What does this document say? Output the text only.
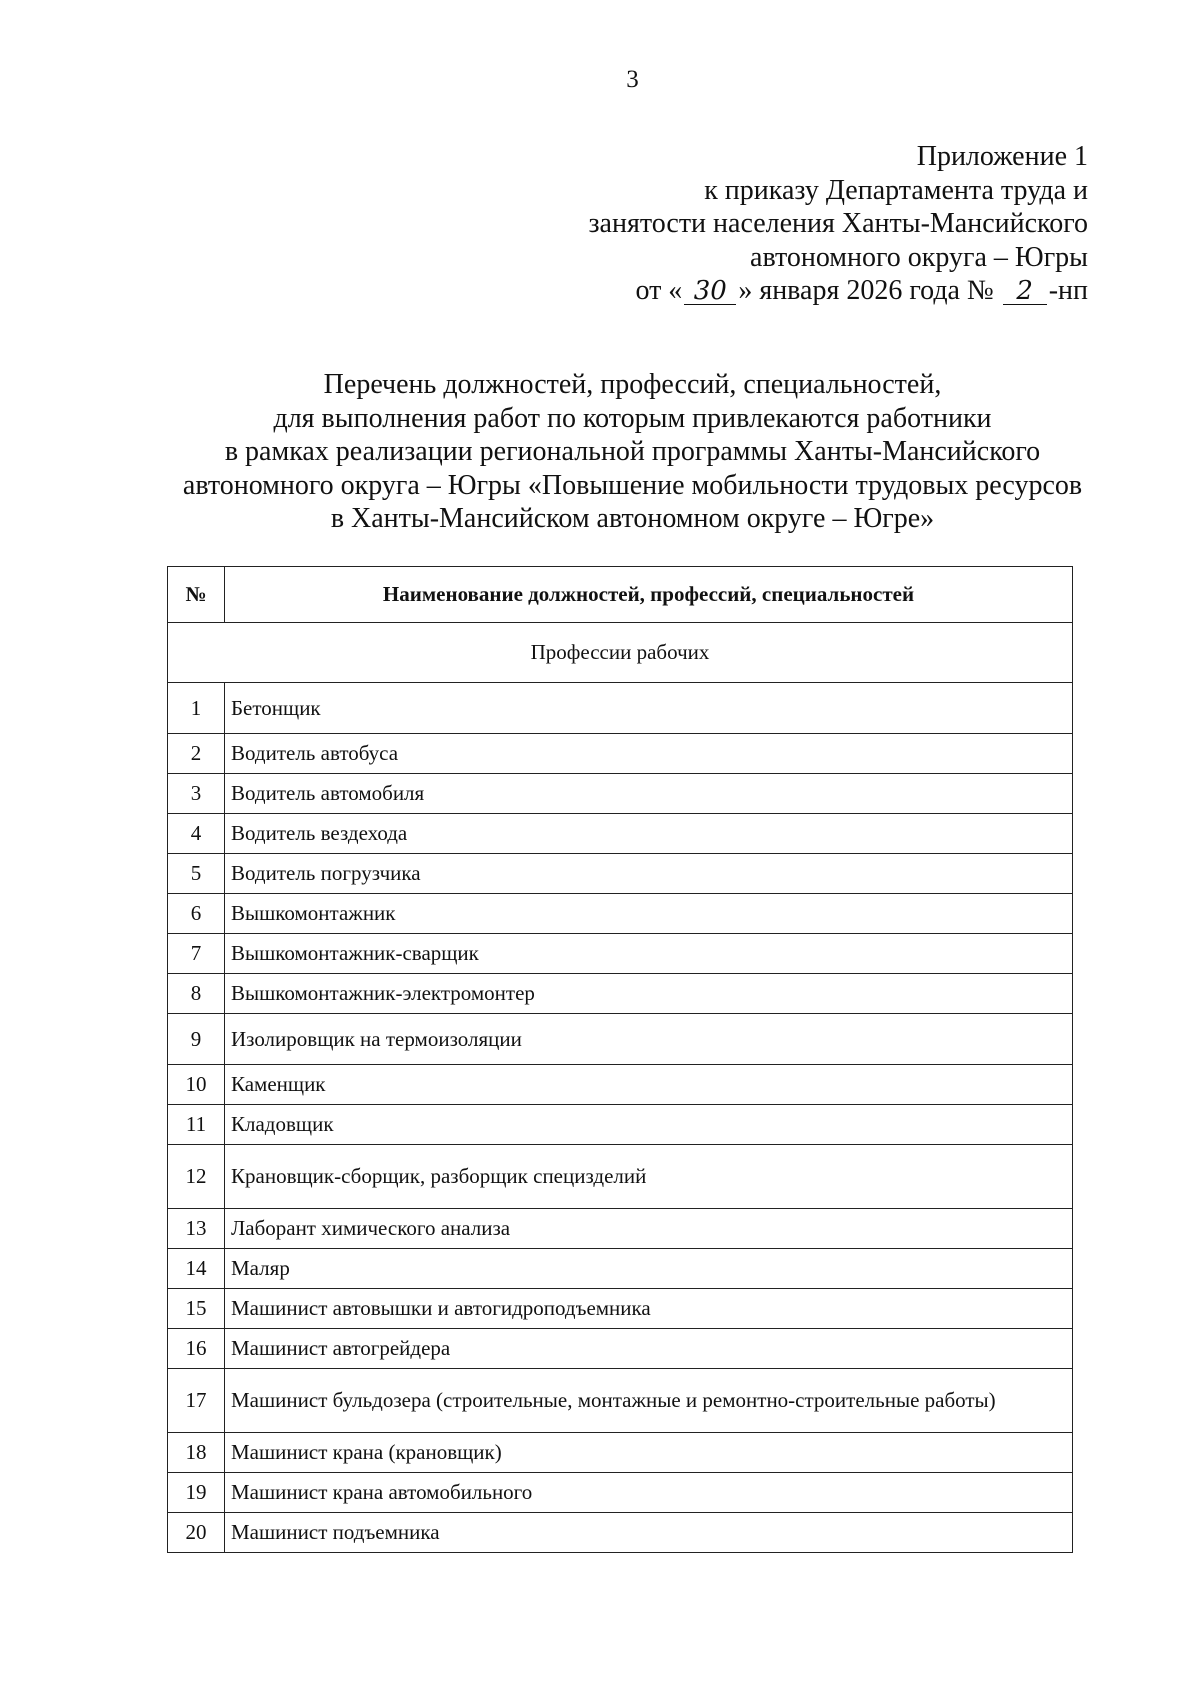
3
Приложение 1
к приказу Департамента труда и
занятости населения Ханты-Мансийского
автономного округа – Югры
от « 30 » января 2026 года № 2 -нп
Перечень должностей, профессий, специальностей,
для выполнения работ по которым привлекаются работники
в рамках реализации региональной программы Ханты-Мансийского
автономного округа – Югры «Повышение мобильности трудовых ресурсов
в Ханты-Мансийском автономном округе – Югре»
№	Наименование должностей, профессий, специальностей
Профессии рабочих	
1	Бетонщик
2	Водитель автобуса
3	Водитель автомобиля
4	Водитель вездехода
5	Водитель погрузчика
6	Вышкомонтажник
7	Вышкомонтажник-сварщик
8	Вышкомонтажник-электромонтер
9	Изолировщик на термоизоляции
10	Каменщик
11	Кладовщик
12	Крановщик-сборщик, разборщик специзделий
13	Лаборант химического анализа
14	Маляр
15	Машинист автовышки и автогидроподъемника
16	Машинист автогрейдера
17	Машинист бульдозера (строительные, монтажные и ремонтно-строительные работы)
18	Машинист крана (крановщик)
19	Машинист крана автомобильного
20	Машинист подъемника
